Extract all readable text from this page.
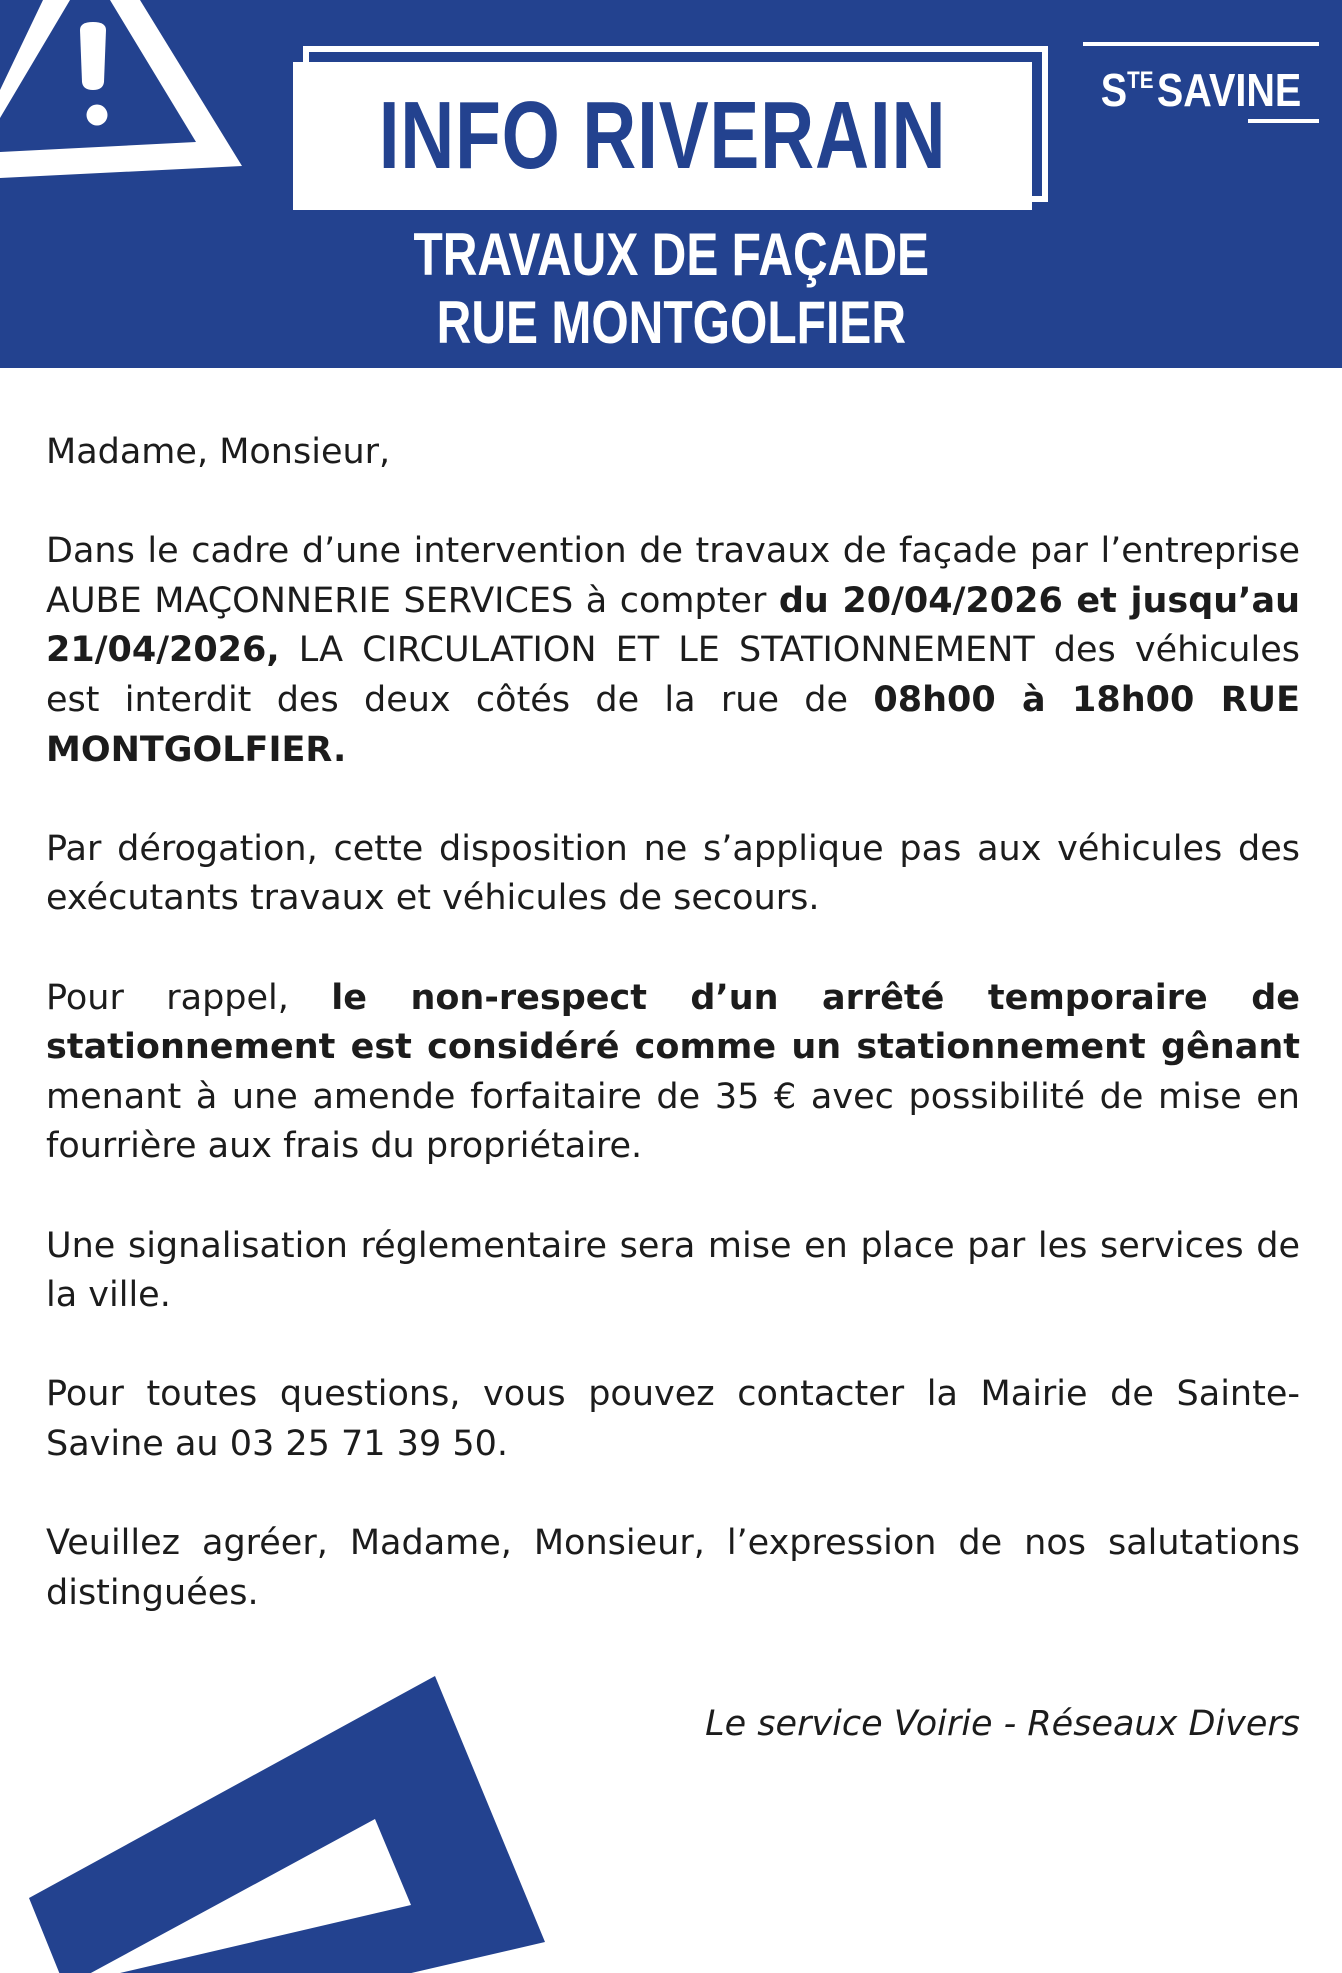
INFO RIVERAIN	$S^{TE}SAVINE$
TRAVAUX DE FAÇADE
RUE MONTGOLFIER

Madame, Monsieur,

Dans le cadre d’une intervention de travaux de façade par l’entreprise AUBE MAÇONNERIE SERVICES à compter du 20/04/2026 et jusqu’au 21/04/2026, LA CIRCULATION ET LE STATIONNEMENT des véhicules est interdit des deux côtés de la rue de 08h00 à 18h00 RUE MONTGOLFIER.

Par dérogation, cette disposition ne s’applique pas aux véhicules des exécutants travaux et véhicules de secours.

Pour rappel, le non-respect d’un arrêté temporaire de stationnement est considéré comme un stationnement gênant menant à une amende forfaitaire de 35 € avec possibilité de mise en fourrière aux frais du propriétaire.

Une signalisation réglementaire sera mise en place par les services de la ville.

Pour toutes questions, vous pouvez contacter la Mairie de Sainte-Savine au 03 25 71 39 50.

Veuillez agréer, Madame, Monsieur, l’expression de nos salutations distinguées.

Le service Voirie - Réseaux Divers
